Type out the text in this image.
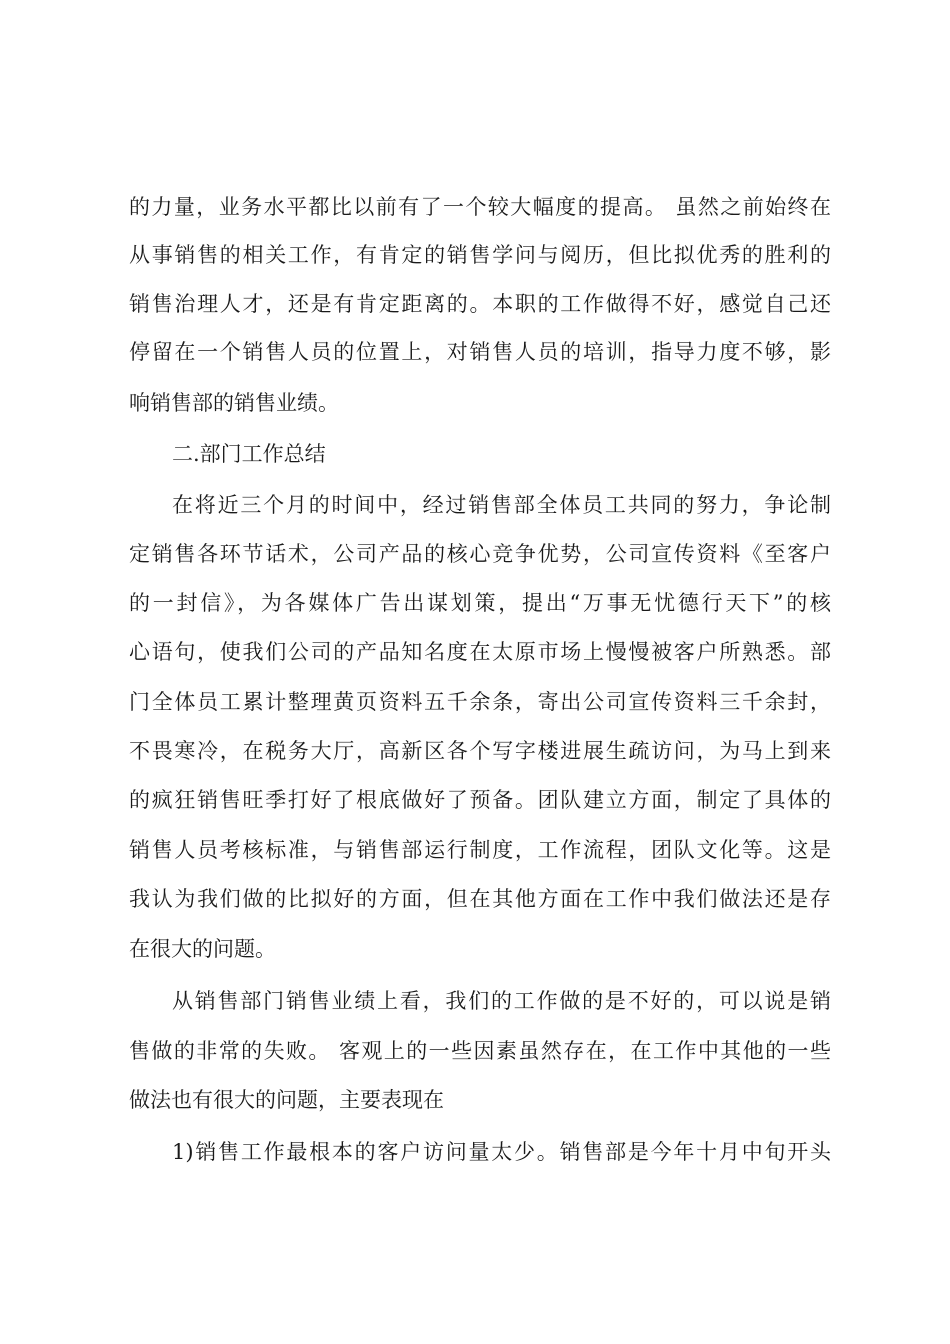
的力量，业务水平都比以前有了一个较大幅度的提高。 虽然之前始终在
从事销售的相关工作，有肯定的销售学问与阅历，但比拟优秀的胜利的
销售治理人才，还是有肯定距离的。本职的工作做得不好，感觉自己还
停留在一个销售人员的位置上，对销售人员的培训，指导力度不够，影
响销售部的销售业绩。
二.部门工作总结
在将近三个月的时间中，经过销售部全体员工共同的努力，争论制
定销售各环节话术，公司产品的核心竞争优势，公司宣传资料《至客户
的一封信》，为各媒体广告出谋划策，提出“万事无忧德行天下”的核
心语句，使我们公司的产品知名度在太原市场上慢慢被客户所熟悉。部
门全体员工累计整理黄页资料五千余条，寄出公司宣传资料三千余封，
不畏寒冷，在税务大厅，高新区各个写字楼进展生疏访问，为马上到来
的疯狂销售旺季打好了根底做好了预备。团队建立方面，制定了具体的
销售人员考核标准，与销售部运行制度，工作流程，团队文化等。这是
我认为我们做的比拟好的方面，但在其他方面在工作中我们做法还是存
在很大的问题。
从销售部门销售业绩上看，我们的工作做的是不好的，可以说是销
售做的非常的失败。 客观上的一些因素虽然存在，在工作中其他的一些
做法也有很大的问题，主要表现在
1)销售工作最根本的客户访问量太少。销售部是今年十月中旬开头
